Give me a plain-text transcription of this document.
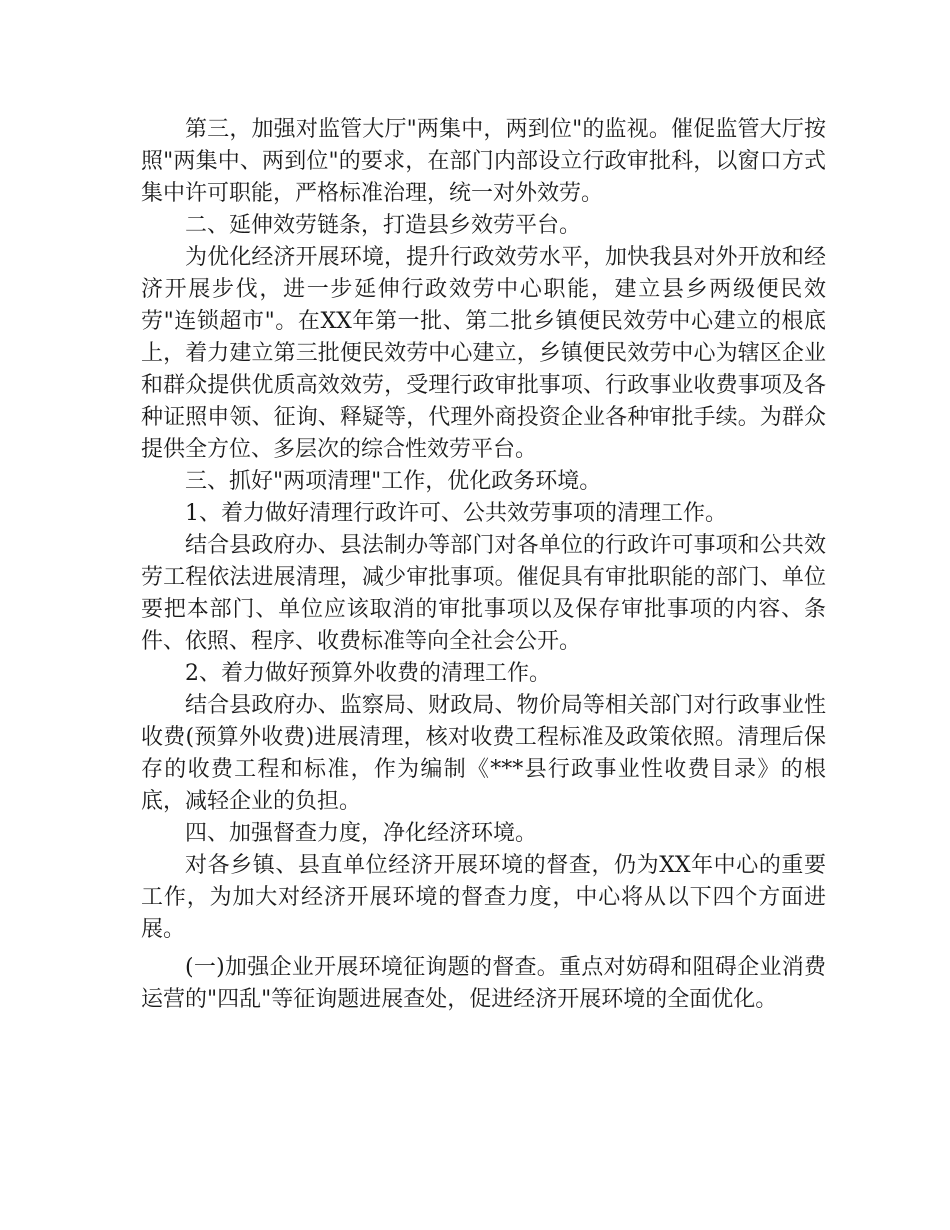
第三，加强对监管大厅"两集中，两到位"的监视。催促监管大厅按照"两集中、两到位"的要求，在部门内部设立行政审批科，以窗口方式集中许可职能，严格标准治理，统一对外效劳。

二、延伸效劳链条，打造县乡效劳平台。

为优化经济开展环境，提升行政效劳水平，加快我县对外开放和经济开展步伐，进一步延伸行政效劳中心职能，建立县乡两级便民效劳"连锁超市"。在XX年第一批、第二批乡镇便民效劳中心建立的根底上，着力建立第三批便民效劳中心建立，乡镇便民效劳中心为辖区企业和群众提供优质高效效劳，受理行政审批事项、行政事业收费事项及各种证照申领、征询、释疑等，代理外商投资企业各种审批手续。为群众提供全方位、多层次的综合性效劳平台。

三、抓好"两项清理"工作，优化政务环境。

1、着力做好清理行政许可、公共效劳事项的清理工作。

结合县政府办、县法制办等部门对各单位的行政许可事项和公共效劳工程依法进展清理，减少审批事项。催促具有审批职能的部门、单位要把本部门、单位应该取消的审批事项以及保存审批事项的内容、条件、依照、程序、收费标准等向全社会公开。

2、着力做好预算外收费的清理工作。

结合县政府办、监察局、财政局、物价局等相关部门对行政事业性收费(预算外收费)进展清理，核对收费工程标准及政策依照。清理后保存的收费工程和标准，作为编制《***县行政事业性收费目录》的根底，减轻企业的负担。

四、加强督查力度，净化经济环境。

对各乡镇、县直单位经济开展环境的督查，仍为XX年中心的重要工作，为加大对经济开展环境的督查力度，中心将从以下四个方面进展。

(一)加强企业开展环境征询题的督查。重点对妨碍和阻碍企业消费运营的"四乱"等征询题进展查处，促进经济开展环境的全面优化。
